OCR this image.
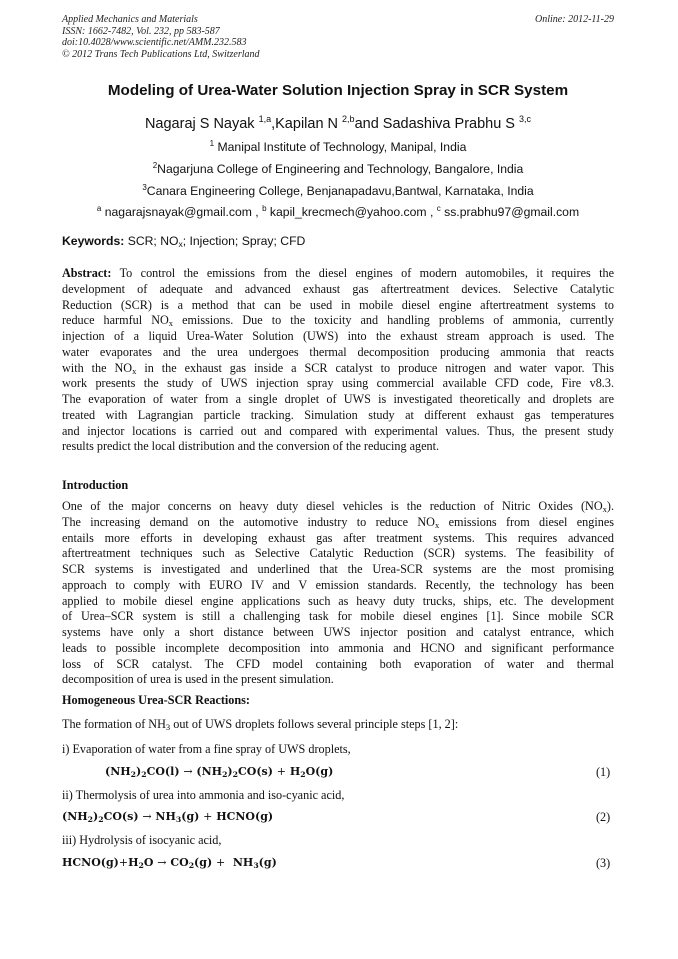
Applied Mechanics and Materials
ISSN: 1662-7482, Vol. 232, pp 583-587
doi:10.4028/www.scientific.net/AMM.232.583
© 2012 Trans Tech Publications Ltd, Switzerland
Online: 2012-11-29
Modeling of Urea-Water Solution Injection Spray in SCR System
Nagaraj S Nayak $^{1,a}$,Kapilan N $^{2,b}$and Sadashiva Prabhu S $^{3,c}$
$^1$ Manipal Institute of Technology, Manipal, India
$^2$Nagarjuna College of Engineering and Technology, Bangalore, India
$^3$Canara Engineering College, Benjanapadavu,Bantwal, Karnataka, India
$^a$ nagarajsnayak@gmail.com , $^b$ kapil_krecmech@yahoo.com , $^c$ ss.prabhu97@gmail.com
Keywords: SCR; $NO_x$; Injection; Spray; CFD
Abstract: To control the emissions from the diesel engines of modern automobiles, it requires the
development of adequate and advanced exhaust gas aftertreatment devices. Selective Catalytic
Reduction (SCR) is a method that can be used in mobile diesel engine aftertreatment systems to
reduce harmful $NO_x$ emissions. Due to the toxicity and handling problems of ammonia, currently
injection of a liquid Urea-Water Solution (UWS) into the exhaust stream approach is used. The
water evaporates and the urea undergoes thermal decomposition producing ammonia that reacts
with the $NO_x$ in the exhaust gas inside a SCR catalyst to produce nitrogen and water vapor. This
work presents the study of UWS injection spray using commercial available CFD code, Fire v8.3.
The evaporation of water from a single droplet of UWS is investigated theoretically and droplets are
treated with Lagrangian particle tracking. Simulation study at different exhaust gas temperatures
and injector locations is carried out and compared with experimental values. Thus, the present study
results predict the local distribution and the conversion of the reducing agent.
Introduction
One of the major concerns on heavy duty diesel vehicles is the reduction of Nitric Oxides $(NO_x)$.
The increasing demand on the automotive industry to reduce $NO_x$ emissions from diesel engines
entails more efforts in developing exhaust gas after treatment systems. This requires advanced
aftertreatment techniques such as Selective Catalytic Reduction (SCR) systems. The feasibility of
SCR systems is investigated and underlined that the Urea-SCR systems are the most promising
approach to comply with EURO IV and V emission standards. Recently, the technology has been
applied to mobile diesel engine applications such as heavy duty trucks, ships, etc. The development
of Urea–SCR system is still a challenging task for mobile diesel engines [1]. Since mobile SCR
systems have only a short distance between UWS injector position and catalyst entrance, which
leads to possible incomplete decomposition into ammonia and HCNO and significant performance
loss of SCR catalyst. The CFD model containing both evaporation of water and thermal
decomposition of urea is used in the present simulation.
Homogeneous Urea-SCR Reactions:
The formation of $NH_3$ out of UWS droplets follows several principle steps [1, 2]:
i) Evaporation of water from a fine spray of UWS droplets,
$(NH_2)_2CO(l) \to (NH_2)_2CO(s) + H_2O(g)$	(1)
ii) Thermolysis of urea into ammonia and iso-cyanic acid,
$(NH_2)_2CO(s) \to NH_3(g)$ + HCNO(g)	(2)
iii) Hydrolysis of isocyanic acid,
$HCNO(g)+H_2O \to CO_2(g) + NH_3(g)$	(3)
